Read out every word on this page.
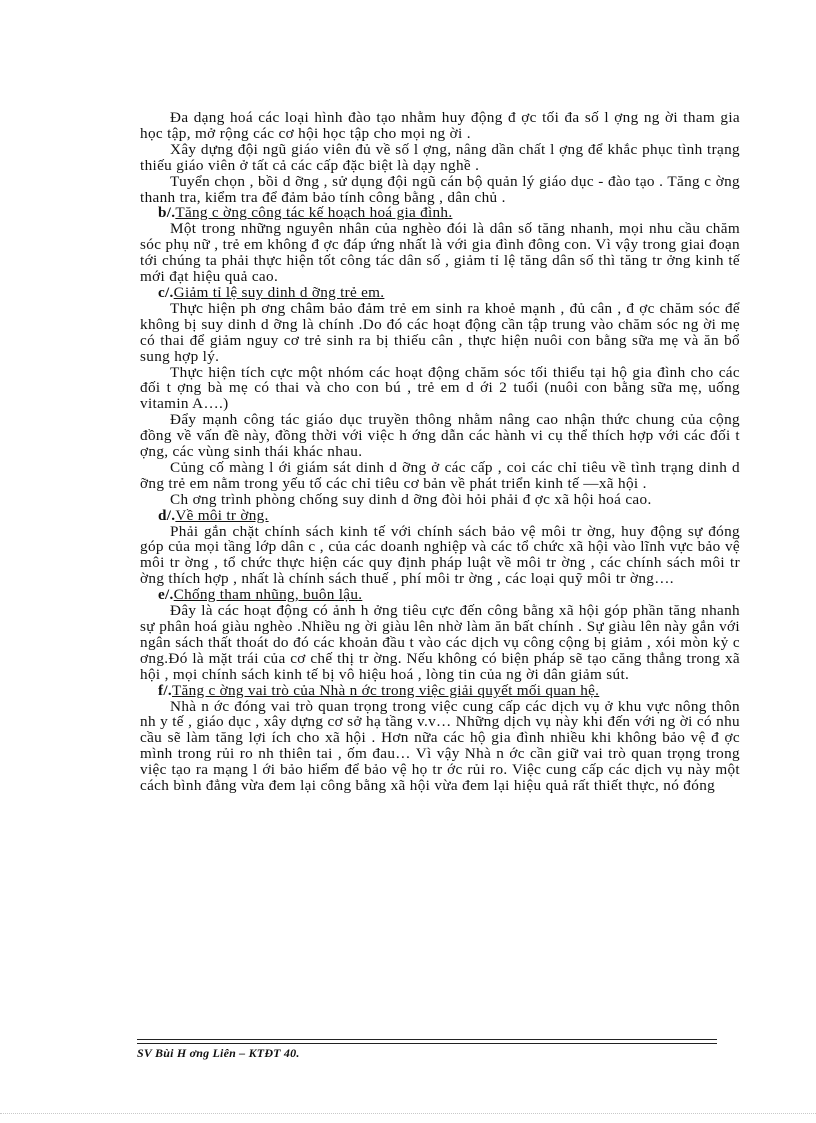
Đa dạng hoá các loại hình đào tạo nhằm huy động đ ợc tối đa số l ợng ng ời tham gia học tập, mở rộng các cơ hội học tập cho mọi ng ời .

Xây dựng đội ngũ giáo viên đủ về số l ợng, nâng dần chất l ợng để khắc phục tình trạng thiếu giáo viên ở tất cả các cấp đặc biệt là dạy nghề .

Tuyển chọn , bồi d ỡng , sử dụng đội ngũ cán bộ quản lý giáo dục - đào tạo . Tăng c ờng thanh tra, kiểm tra để đảm bảo tính công bằng , dân chủ .

b/.Tăng c ờng công tác kế hoạch hoá gia đình.

Một trong những nguyên nhân của nghèo đói là dân số tăng nhanh, mọi nhu cầu chăm sóc phụ nữ , trẻ em không đ ợc đáp ứng nhất là với gia đình đông con. Vì vậy trong giai đoạn tới chúng ta phải thực hiện tốt công tác dân số , giảm tỉ lệ tăng dân số thì tăng tr ởng kinh tế mới đạt hiệu quả cao.

c/.Giảm tỉ lệ suy dinh d ỡng trẻ em.

Thực hiện ph ơng châm bảo đảm trẻ em sinh ra khoẻ mạnh , đủ cân , đ ợc chăm sóc để không bị suy dinh d ỡng là chính .Do đó các hoạt động cần tập trung vào chăm sóc ng ời mẹ có thai để giảm nguy cơ trẻ sinh ra bị thiếu cân , thực hiện nuôi con bằng sữa mẹ và ăn bổ sung hợp lý.

Thực hiện tích cực một nhóm các hoạt động chăm sóc tối thiểu tại hộ gia đình cho các đối t ợng bà mẹ có thai và cho con bú , trẻ em d ới 2 tuổi (nuôi con bằng sữa mẹ, uống vitamin A….)

Đẩy mạnh công tác giáo dục truyền thông nhằm nâng cao nhận thức chung của cộng đồng về vấn đề này, đồng thời với việc h ớng dẫn các hành vi cụ thể thích hợp với các đối t ợng, các vùng sinh thái khác nhau.

Củng cố màng l ới giám sát dinh d ỡng ở các cấp , coi các chỉ tiêu về tình trạng dinh d ỡng trẻ em nằm trong yếu tố các chỉ tiêu cơ bản về phát triển kinh tế —xã hội .

Ch ơng trình phòng chống suy dinh d ỡng đòi hỏi phải đ ợc xã hội hoá cao.

d/.Về môi tr ờng.

Phải gắn chặt chính sách kinh tế với chính sách bảo vệ môi tr ờng, huy động sự đóng góp của mọi tầng lớp dân c , của các doanh nghiệp và các tổ chức xã hội vào lĩnh vực bảo vệ môi tr ờng , tổ chức thực hiện các quy định pháp luật về môi tr ờng , các chính sách môi tr ờng thích hợp , nhất là chính sách thuế , phí môi tr ờng , các loại quỹ môi tr ờng….

e/.Chống tham nhũng, buôn lậu.

Đây là các hoạt động có ảnh h ởng tiêu cực đến công bằng xã hội góp phần tăng nhanh sự phân hoá giàu nghèo .Nhiều ng ời giàu lên nhờ làm ăn bất chính . Sự giàu lên này gắn với ngân sách thất thoát do đó các khoản đầu t vào các dịch vụ công cộng bị giảm , xói mòn kỷ c ơng.Đó là mặt trái của cơ chế thị tr ờng. Nếu không có biện pháp sẽ tạo căng thẳng trong xã hội , mọi chính sách kinh tế bị vô hiệu hoá , lòng tin của ng ời dân giảm sút.

f/.Tăng c ờng vai trò của Nhà n ớc trong việc giải quyết mối quan hệ.

Nhà n ớc đóng vai trò quan trọng trong việc cung cấp các dịch vụ ở khu vực nông thôn nh y tế , giáo dục , xây dựng cơ sở hạ tầng v.v… Những dịch vụ này khi đến với ng ời có nhu cầu sẽ làm tăng lợi ích cho xã hội . Hơn nữa các hộ gia đình nhiều khi không bảo vệ đ ợc mình trong rủi ro nh thiên tai , ốm đau… Vì vậy Nhà n ớc cần giữ vai trò quan trọng trong việc tạo ra mạng l ới bảo hiểm để bảo vệ họ tr ớc rủi ro. Việc cung cấp các dịch vụ này một cách bình đẳng vừa đem lại công bằng xã hội vừa đem lại hiệu quả rất thiết thực, nó đóng

SV Bùi H ơng Liên – KTĐT 40.
